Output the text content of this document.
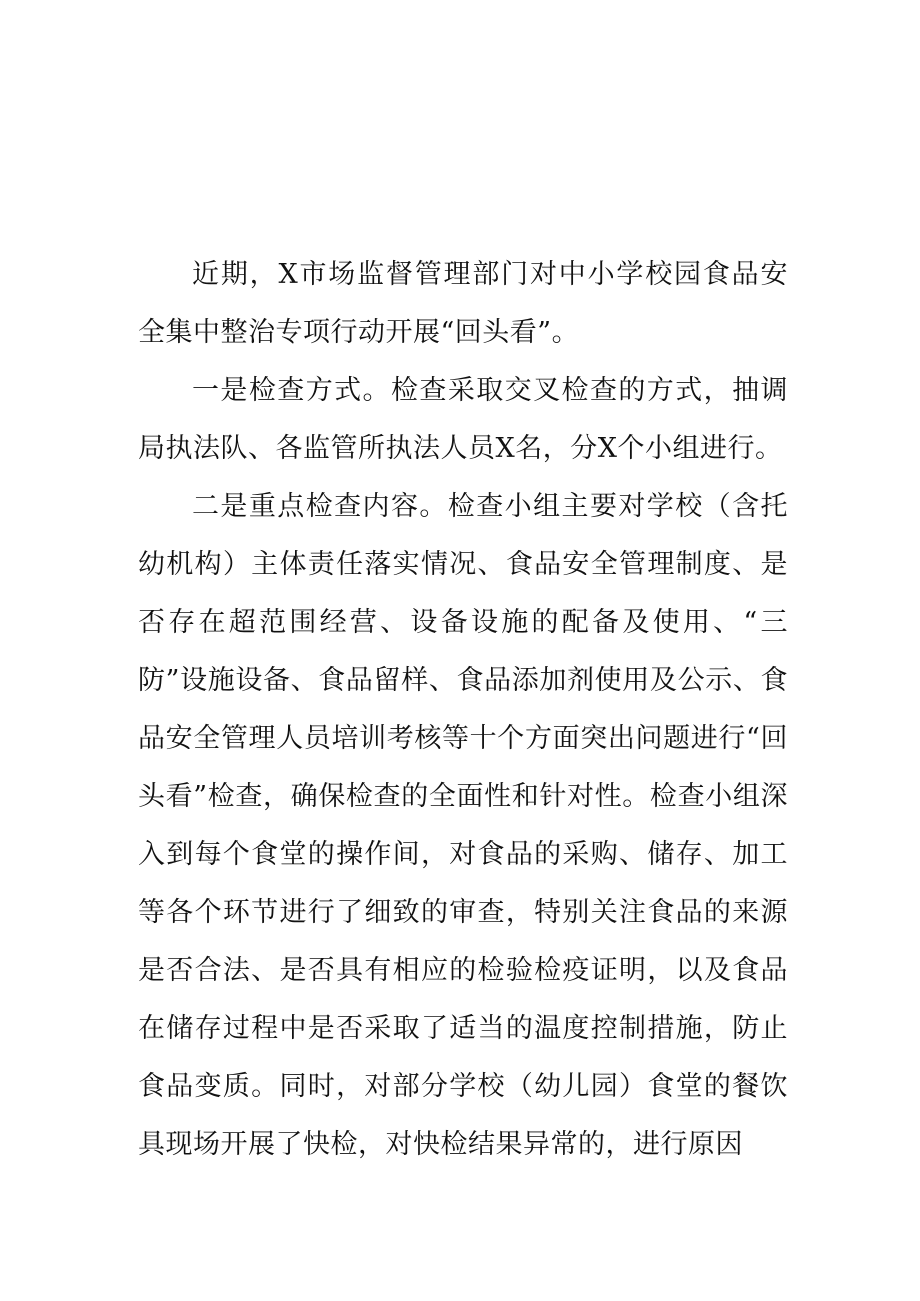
近期，X市场监督管理部门对中小学校园食品安全集中整治专项行动开展“回头看”。

一是检查方式。检查采取交叉检查的方式，抽调局执法队、各监管所执法人员X名，分X个小组进行。

二是重点检查内容。检查小组主要对学校（含托幼机构）主体责任落实情况、食品安全管理制度、是否存在超范围经营、设备设施的配备及使用、“三防”设施设备、食品留样、食品添加剂使用及公示、食品安全管理人员培训考核等十个方面突出问题进行“回头看”检查，确保检查的全面性和针对性。检查小组深入到每个食堂的操作间，对食品的采购、储存、加工等各个环节进行了细致的审查，特别关注食品的来源是否合法、是否具有相应的检验检疫证明，以及食品在储存过程中是否采取了适当的温度控制措施，防止食品变质。同时，对部分学校（幼儿园）食堂的餐饮具现场开展了快检，对快检结果异常的，进行原因
